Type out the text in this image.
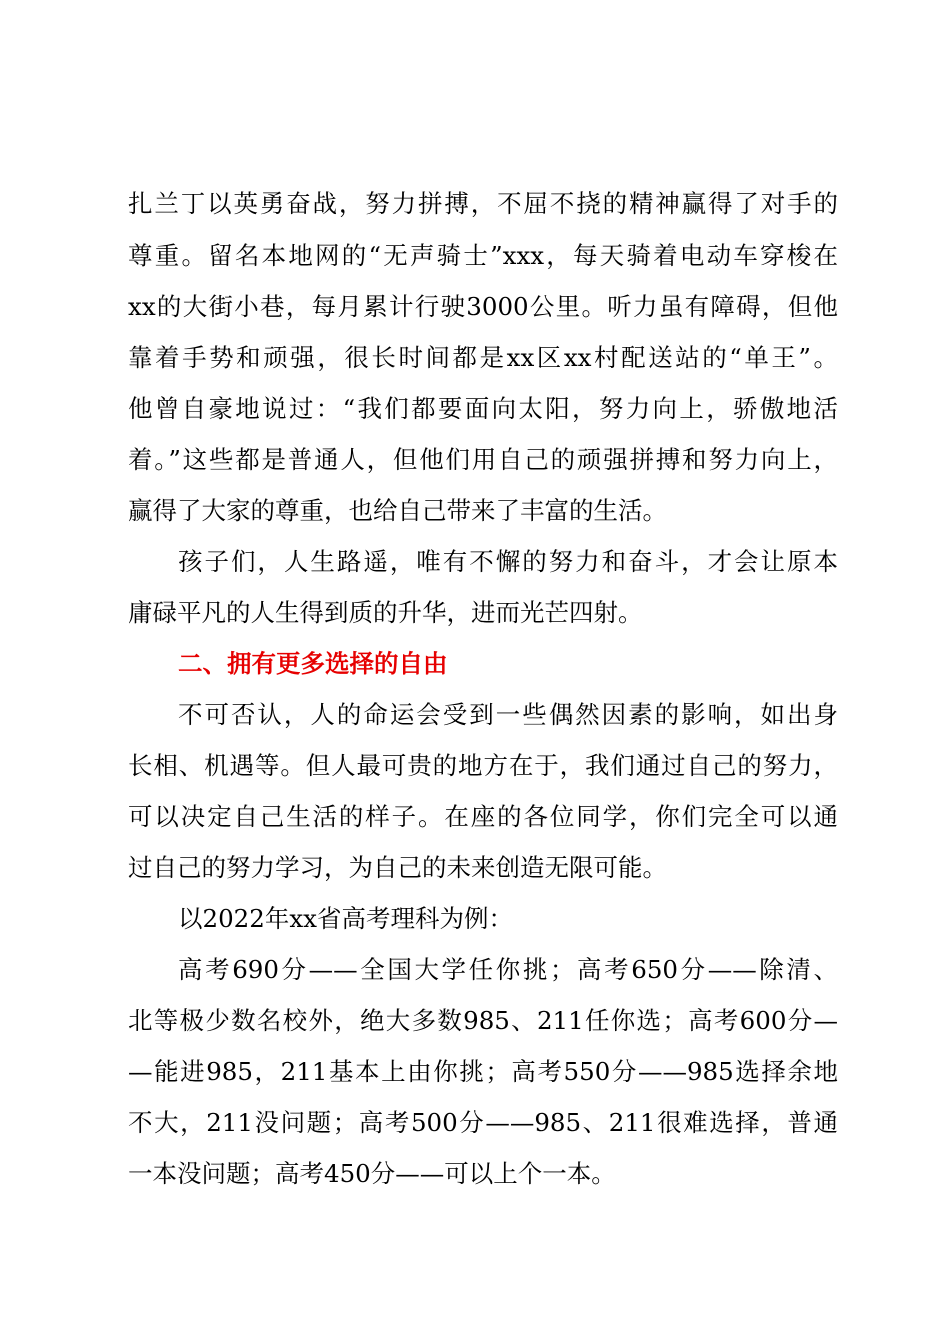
扎兰丁以英勇奋战，努力拼搏，不屈不挠的精神赢得了对手的
尊重。留名本地网的“无声骑士”xxx，每天骑着电动车穿梭在
xx的大街小巷，每月累计行驶3000公里。听力虽有障碍，但他
靠着手势和顽强，很长时间都是xx区xx村配送站的“单王”。
他曾自豪地说过：“我们都要面向太阳，努力向上，骄傲地活
着。”这些都是普通人，但他们用自己的顽强拼搏和努力向上，
赢得了大家的尊重，也给自己带来了丰富的生活。
孩子们，人生路遥，唯有不懈的努力和奋斗，才会让原本
庸碌平凡的人生得到质的升华，进而光芒四射。
二、拥有更多选择的自由
不可否认，人的命运会受到一些偶然因素的影响，如出身
长相、机遇等。但人最可贵的地方在于，我们通过自己的努力，
可以决定自己生活的样子。在座的各位同学，你们完全可以通
过自己的努力学习，为自己的未来创造无限可能。
以2022年xx省高考理科为例：
高考690分——全国大学任你挑；高考650分——除清、
北等极少数名校外，绝大多数985、211任你选；高考600分—
—能进985，211基本上由你挑；高考550分——985选择余地
不大，211没问题；高考500分——985、211很难选择，普通
一本没问题；高考450分——可以上个一本。
